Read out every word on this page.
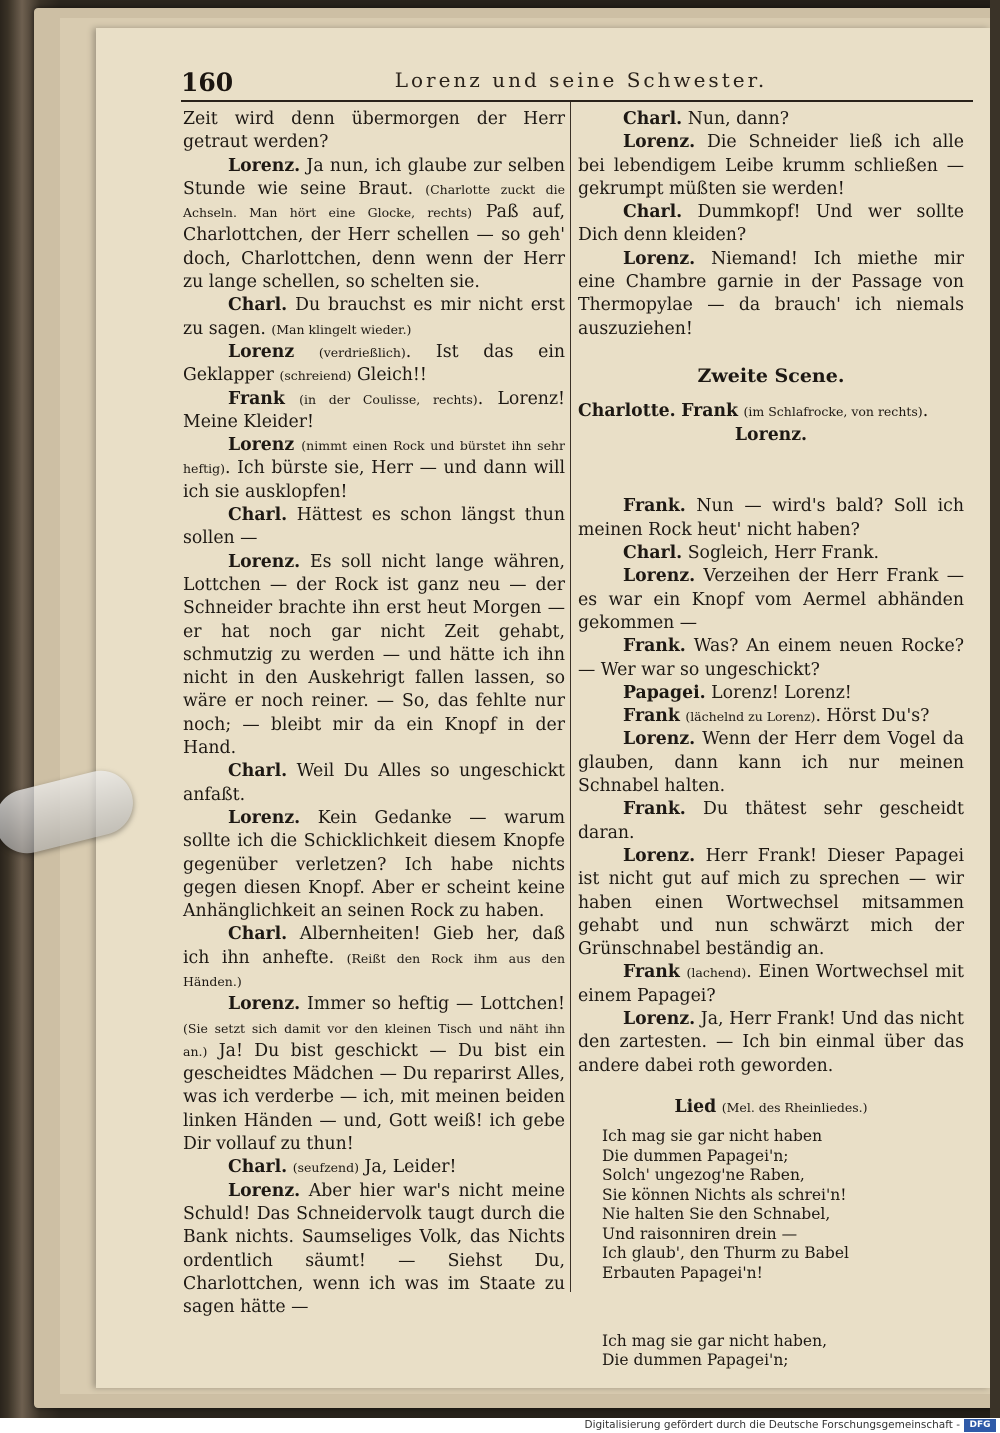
160	Lorenz und seine Schwester.

Zeit wird denn übermorgen der Herr getraut werden?

Lorenz. Ja nun, ich glaube zur selben Stunde wie seine Braut. (Charlotte zuckt die Achseln. Man hört eine Glocke, rechts) Paß auf, Charlottchen, der Herr schellen — so geh' doch, Charlottchen, denn wenn der Herr zu lange schellen, so schelten sie.

Charl. Du brauchst es mir nicht erst zu sagen. (Man klingelt wieder.)

Lorenz (verdrießlich). Ist das ein Geklapper (schreiend) Gleich!!

Frank (in der Coulisse, rechts). Lorenz! Meine Kleider!

Lorenz (nimmt einen Rock und bürstet ihn sehr heftig). Ich bürste sie, Herr — und dann will ich sie ausklopfen!

Charl. Hättest es schon längst thun sollen —

Lorenz. Es soll nicht lange währen, Lottchen — der Rock ist ganz neu — der Schneider brachte ihn erst heut Morgen — er hat noch gar nicht Zeit gehabt, schmutzig zu werden — und hätte ich ihn nicht in den Auskehrigt fallen lassen, so wäre er noch reiner. — So, das fehlte nur noch; — bleibt mir da ein Knopf in der Hand.

Charl. Weil Du Alles so ungeschickt anfaßt.

Lorenz. Kein Gedanke — warum sollte ich die Schicklichkeit diesem Knopfe gegenüber verletzen? Ich habe nichts gegen diesen Knopf. Aber er scheint keine Anhänglichkeit an seinen Rock zu haben.

Charl. Albernheiten! Gieb her, daß ich ihn anhefte. (Reißt den Rock ihm aus den Händen.)

Lorenz. Immer so heftig — Lottchen! (Sie setzt sich damit vor den kleinen Tisch und näht ihn an.) Ja! Du bist geschickt — Du bist ein gescheidtes Mädchen — Du reparirst Alles, was ich verderbe — ich, mit meinen beiden linken Händen — und, Gott weiß! ich gebe Dir vollauf zu thun!

Charl. (seufzend) Ja, Leider!

Lorenz. Aber hier war's nicht meine Schuld! Das Schneidervolk taugt durch die Bank nichts. Saumseliges Volk, das Nichts ordentlich säumt! — Siehst Du, Charlottchen, wenn ich was im Staate zu sagen hätte —

Charl. Nun, dann?

Lorenz. Die Schneider ließ ich alle bei lebendigem Leibe krumm schließen — gekrumpt müßten sie werden!

Charl. Dummkopf! Und wer sollte Dich denn kleiden?

Lorenz. Niemand! Ich miethe mir eine Chambre garnie in der Passage von Thermopylae — da brauch' ich niemals auszuziehen!

Zweite Scene.

Charlotte. Frank (im Schlafrocke, von rechts).

Lorenz.

Frank. Nun — wird's bald? Soll ich meinen Rock heut' nicht haben?

Charl. Sogleich, Herr Frank.

Lorenz. Verzeihen der Herr Frank — es war ein Knopf vom Aermel abhänden gekommen —

Frank. Was? An einem neuen Rocke? — Wer war so ungeschickt?

Papagei. Lorenz! Lorenz!

Frank (lächelnd zu Lorenz). Hörst Du's?

Lorenz. Wenn der Herr dem Vogel da glauben, dann kann ich nur meinen Schnabel halten.

Frank. Du thätest sehr gescheidt daran.

Lorenz. Herr Frank! Dieser Papagei ist nicht gut auf mich zu sprechen — wir haben einen Wortwechsel mitsammen gehabt und nun schwärzt mich der Grünschnabel beständig an.

Frank (lachend). Einen Wortwechsel mit einem Papagei?

Lorenz. Ja, Herr Frank! Und das nicht den zartesten. — Ich bin einmal über das andere dabei roth geworden.

Lied (Mel. des Rheinliedes.)

Ich mag sie gar nicht haben

Die dummen Papagei'n;

Solch' ungezog'ne Raben,

Sie können Nichts als schrei'n!

Nie halten Sie den Schnabel,

Und raisonniren drein —

Ich glaub', den Thurm zu Babel

Erbauten Papagei'n!

Ich mag sie gar nicht haben,

Die dummen Papagei'n;

Digitalisierung gefördert durch die Deutsche Forschungsgemeinschaft -	DFG
